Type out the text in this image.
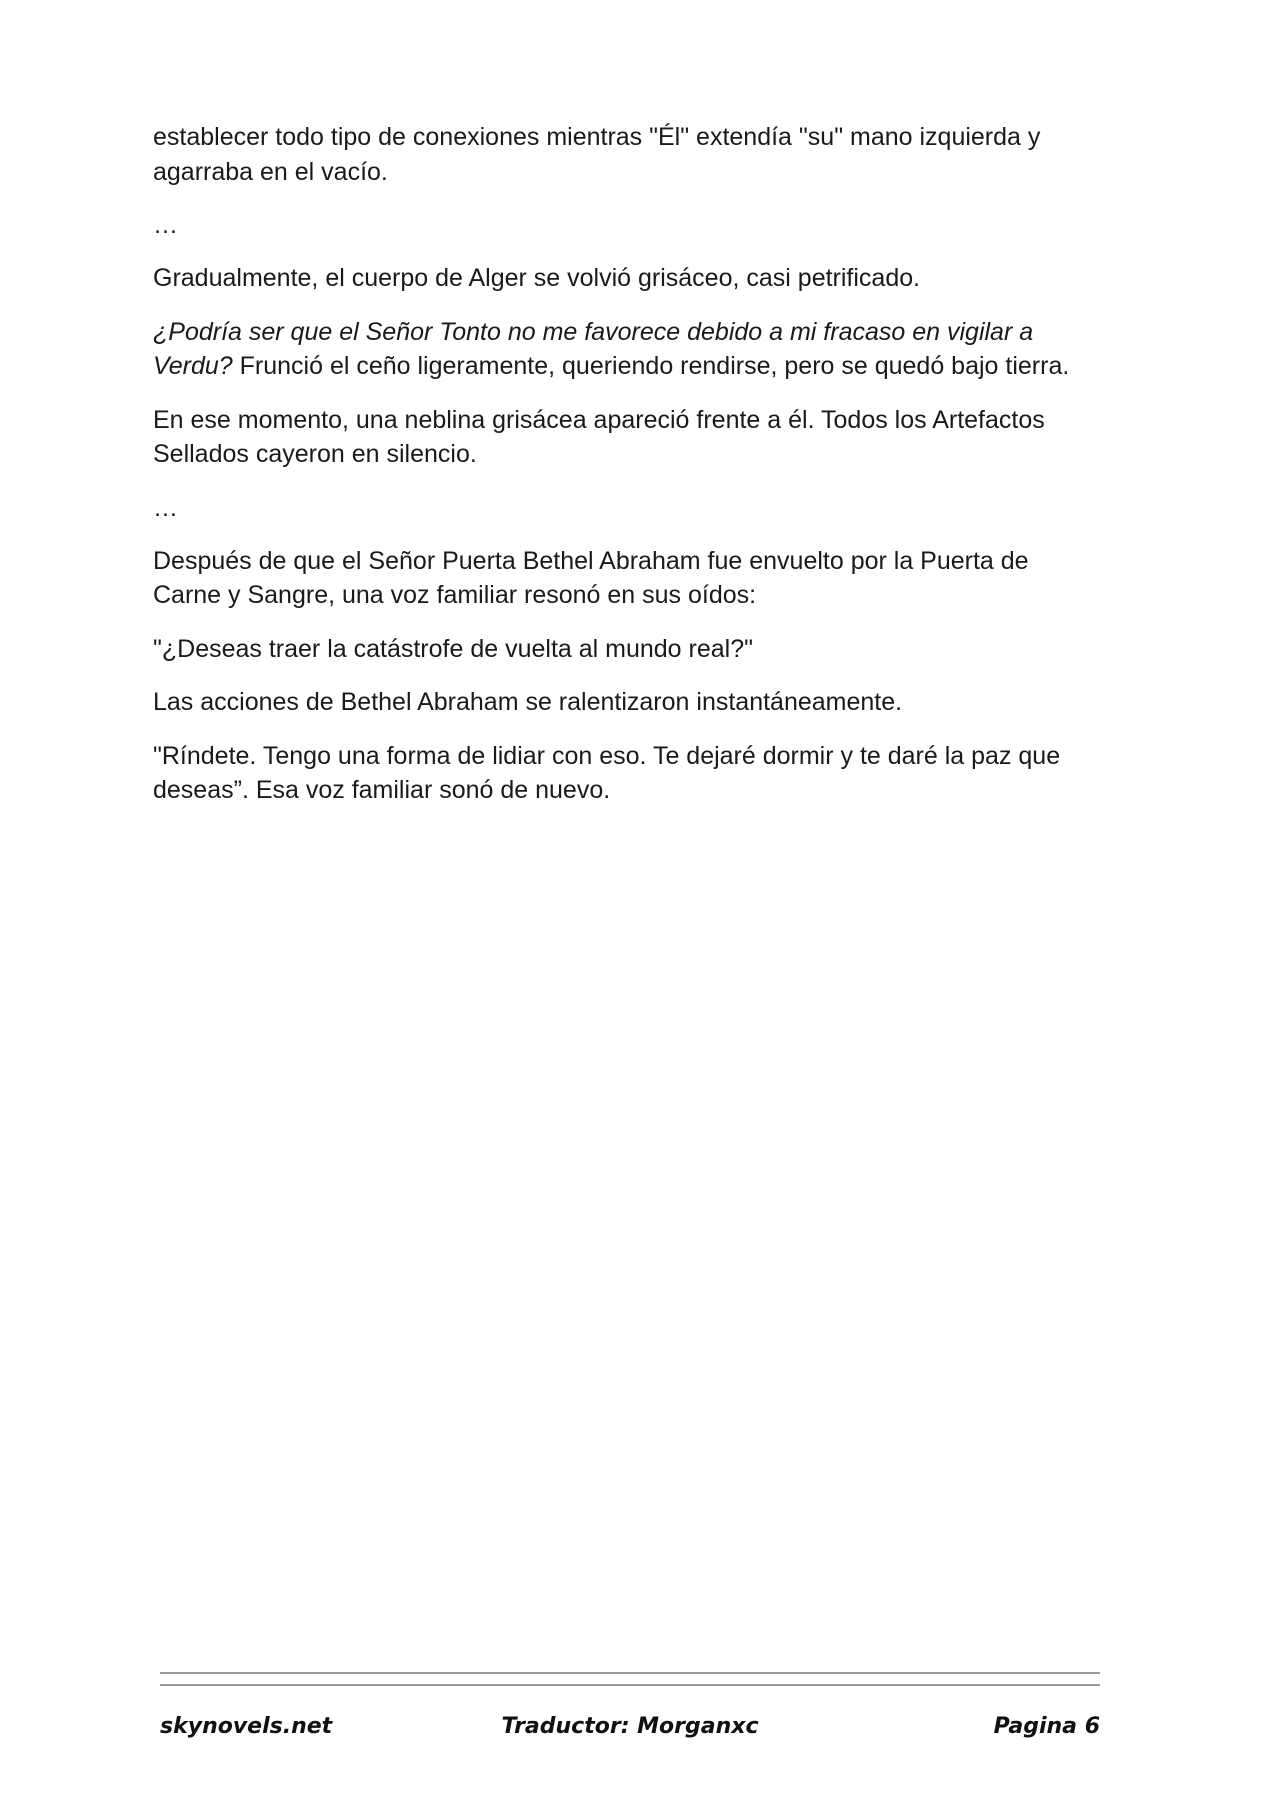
establecer todo tipo de conexiones mientras "Él" extendía "su" mano izquierda y agarraba en el vacío.

…

Gradualmente, el cuerpo de Alger se volvió grisáceo, casi petrificado.

¿Podría ser que el Señor Tonto no me favorece debido a mi fracaso en vigilar a Verdu? Frunció el ceño ligeramente, queriendo rendirse, pero se quedó bajo tierra.

En ese momento, una neblina grisácea apareció frente a él. Todos los Artefactos Sellados cayeron en silencio.

…

Después de que el Señor Puerta Bethel Abraham fue envuelto por la Puerta de Carne y Sangre, una voz familiar resonó en sus oídos:

"¿Deseas traer la catástrofe de vuelta al mundo real?"

Las acciones de Bethel Abraham se ralentizaron instantáneamente.

"Ríndete. Tengo una forma de lidiar con eso. Te dejaré dormir y te daré la paz que deseas”. Esa voz familiar sonó de nuevo.

skynovels.net	Traductor: Morganxc	Pagina 6
